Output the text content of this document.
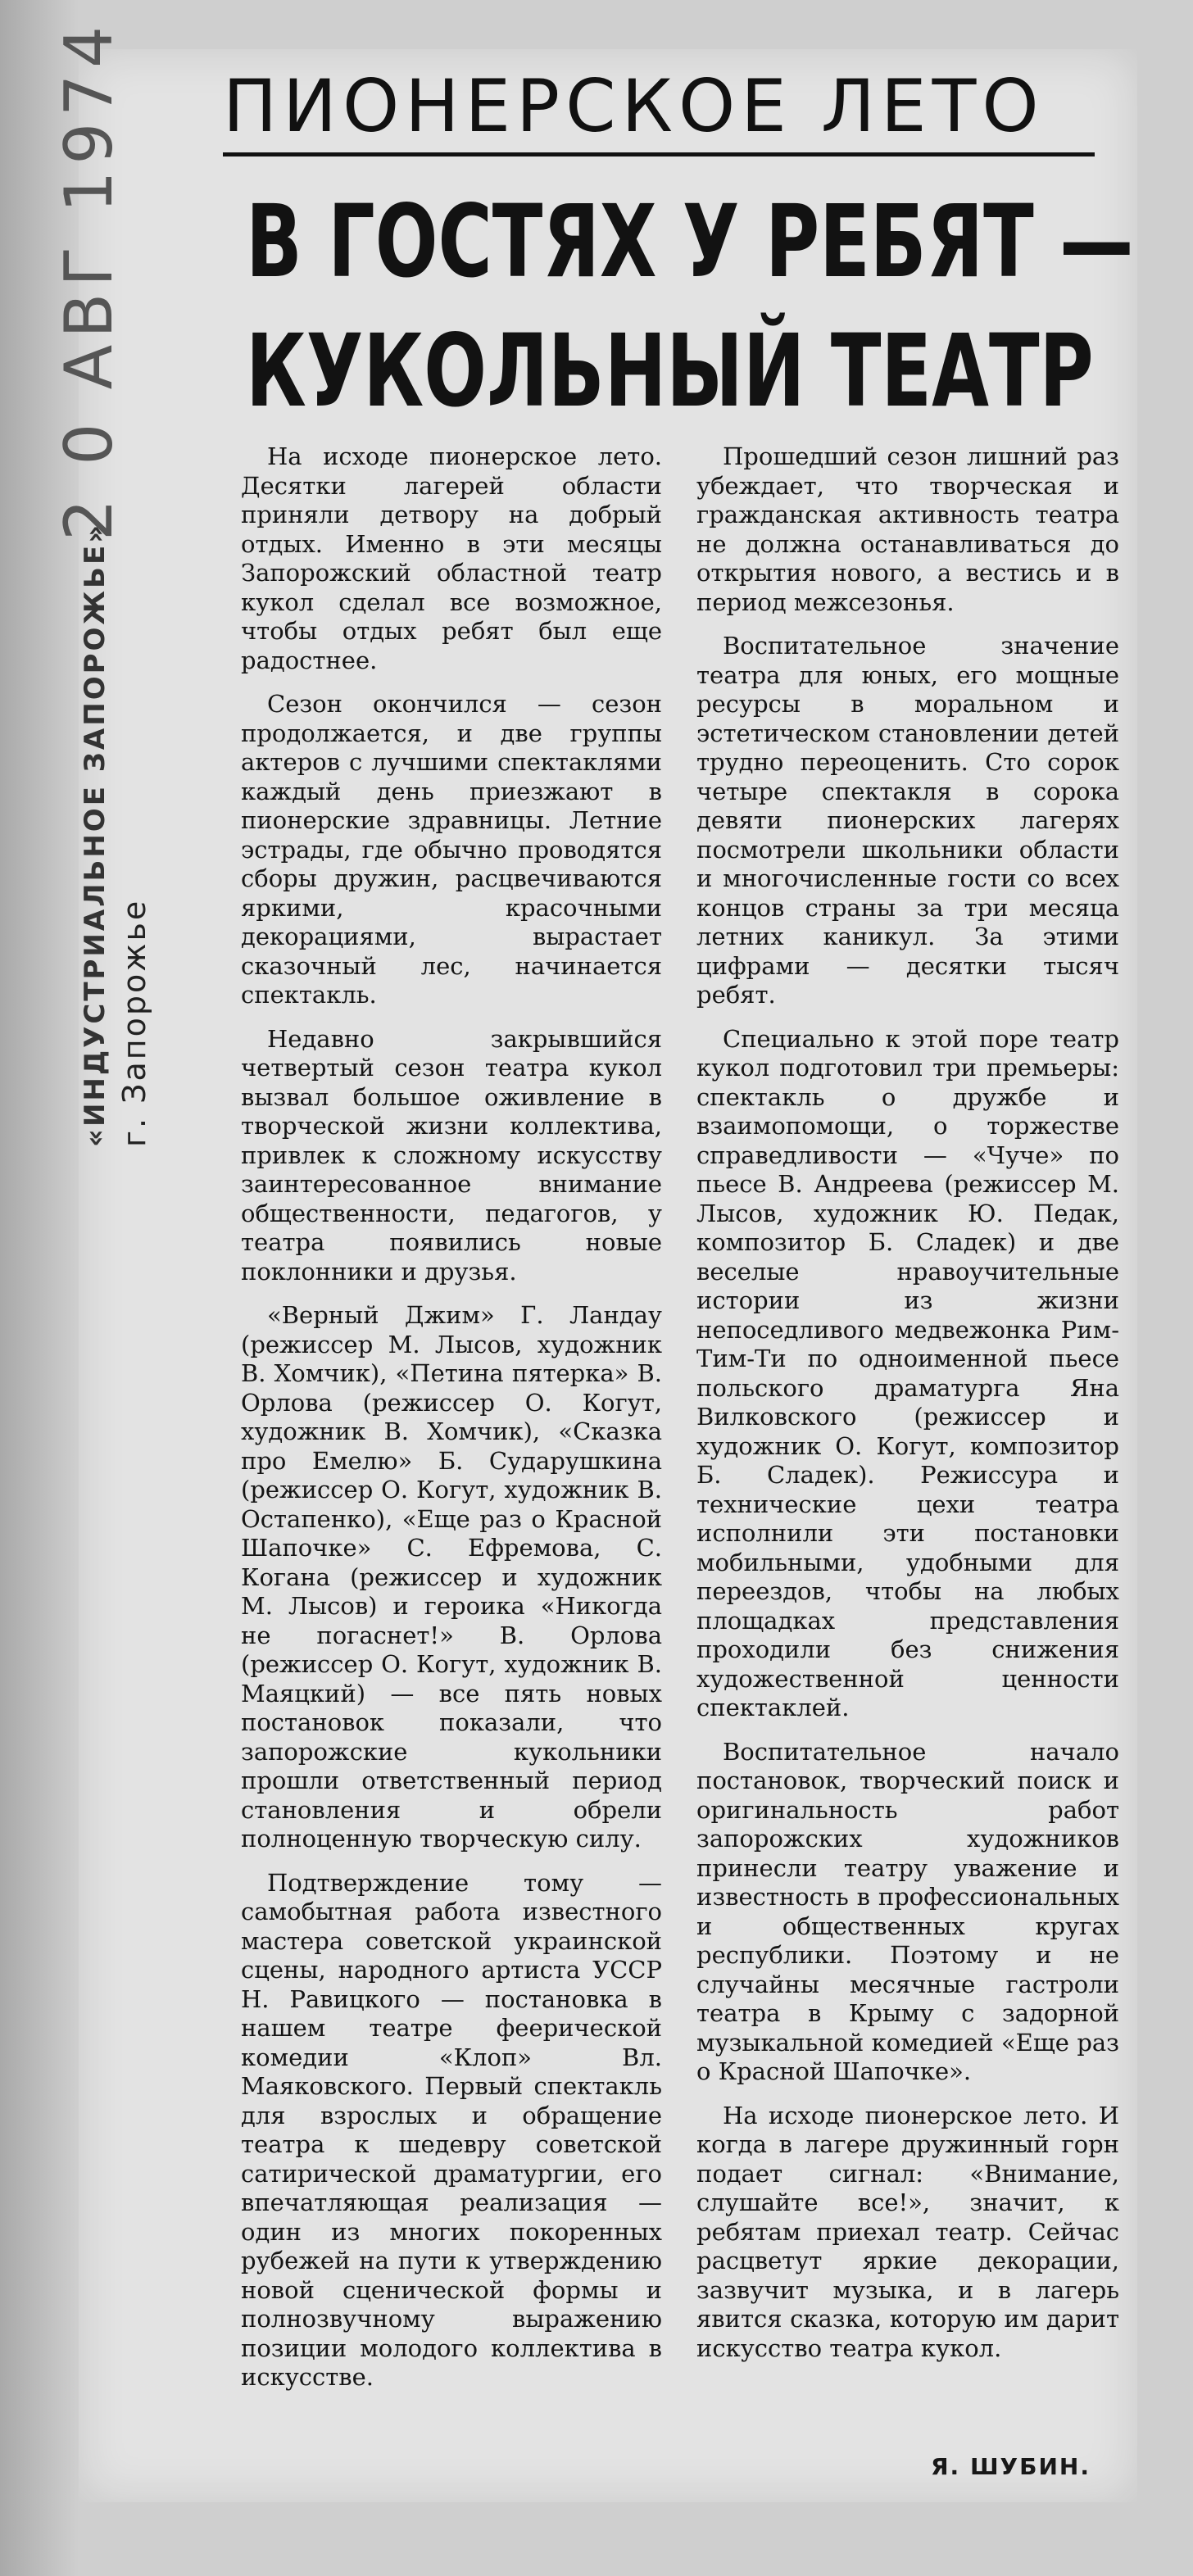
2 0 АВГ 1974
«ИНДУСТРИАЛЬНОЕ ЗАПОРОЖЬЕ» г. Запорожье
ПИОНЕРСКОЕ ЛЕТО
В ГОСТЯХ У РЕБЯТ —
КУКОЛЬНЫЙ ТЕАТР

На исходе пионерское лето. Десятки лагерей области приняли детвору на добрый отдых. Именно в эти месяцы Запорожский областной театр кукол сделал все возможное, чтобы отдых ребят был еще радостнее.

Сезон окончился — сезон продолжается, и две группы актеров с лучшими спектаклями каждый день приезжают в пионерские здравницы. Летние эстрады, где обычно проводятся сборы дружин, расцвечиваются яркими, красочными декорациями, вырастает сказочный лес, начинается спектакль.

Недавно закрывшийся четвертый сезон театра кукол вызвал большое оживление в творческой жизни коллектива, привлек к сложному искусству заинтересованное внимание общественности, педагогов, у театра появились новые поклонники и друзья.

«Верный Джим» Г. Ландау (режиссер М. Лысов, художник В. Хомчик), «Петина пятерка» В. Орлова (режиссер О. Когут, художник В. Хомчик), «Сказка про Емелю» Б. Сударушкина (режиссер О. Когут, художник В. Остапенко), «Еще раз о Красной Шапочке» С. Ефремова, С. Когана (режиссер и художник М. Лысов) и героика «Никогда не погаснет!» В. Орлова (режиссер О. Когут, художник В. Маяцкий) — все пять новых постановок показали, что запорожские кукольники прошли ответственный период становления и обрели полноценную творческую силу.

Подтверждение тому — самобытная работа известного мастера советской украинской сцены, народного артиста УССР Н. Равицкого — постановка в нашем театре феерической комедии «Клоп» Вл. Маяковского. Первый спектакль для взрослых и обращение театра к шедевру советской сатирической драматургии, его впечатляющая реализация — один из многих покоренных рубежей на пути к утверждению новой сценической формы и полнозвучному выражению позиции молодого коллектива в искусстве.

Прошедший сезон лишний раз убеждает, что творческая и гражданская активность театра не должна останавливаться до открытия нового, а вестись и в период межсезонья.

Воспитательное значение театра для юных, его мощные ресурсы в моральном и эстетическом становлении детей трудно переоценить. Сто сорок четыре спектакля в сорока девяти пионерских лагерях посмотрели школьники области и многочисленные гости со всех концов страны за три месяца летних каникул. За этими цифрами — десятки тысяч ребят.

Специально к этой поре театр кукол подготовил три премьеры: спектакль о дружбе и взаимопомощи, о торжестве справедливости — «Чуче» по пьесе В. Андреева (режиссер М. Лысов, художник Ю. Педак, композитор Б. Сладек) и две веселые нравоучительные истории из жизни непоседливого медвежонка Рим-Тим-Ти по одноименной пьесе польского драматурга Яна Вилковского (режиссер и художник О. Когут, композитор Б. Сладек). Режиссура и технические цехи театра исполнили эти постановки мобильными, удобными для переездов, чтобы на любых площадках представления проходили без снижения художественной ценности спектаклей.

Воспитательное начало постановок, творческий поиск и оригинальность работ запорожских художников принесли театру уважение и известность в профессиональных и общественных кругах республики. Поэтому и не случайны месячные гастроли театра в Крыму с задорной музыкальной комедией «Еще раз о Красной Шапочке».

На исходе пионерское лето. И когда в лагере дружинный горн подает сигнал: «Внимание, слушайте все!», значит, к ребятам приехал театр. Сейчас расцветут яркие декорации, зазвучит музыка, и в лагерь явится сказка, которую им дарит искусство театра кукол.

Я. ШУБИН.
